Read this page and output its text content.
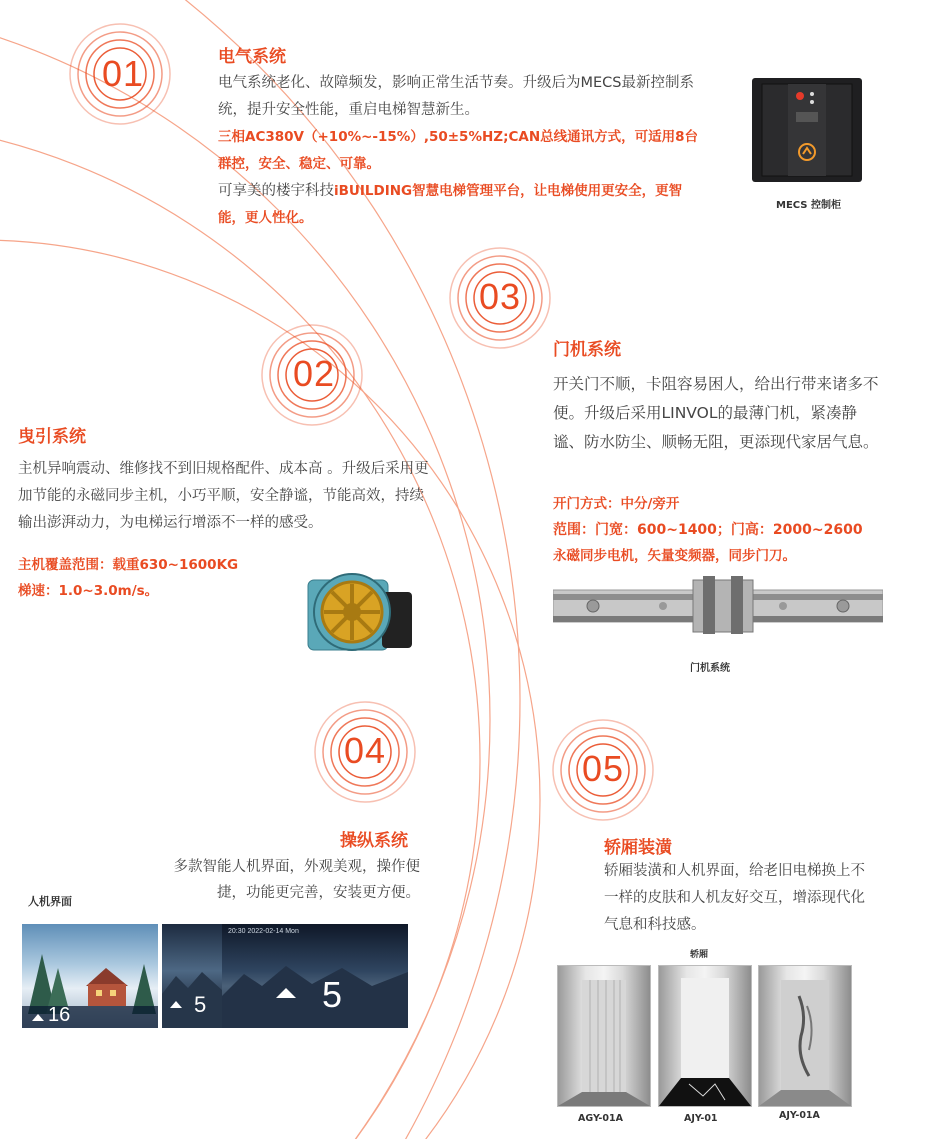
01	电气系统
电气系统老化、故障频发，影响正常生活节奏。升级后为MECS最新控制系统，提升安全性能，重启电梯智慧新生。
三相AC380V（+10%~-15%）,50±5%HZ;CAN总线通讯方式，可适用8台群控，安全、稳定、可靠。
可享美的楼宇科技iBUILDING智慧电梯管理平台，让电梯使用更安全，更智能，更人性化。
MECS 控制柜
03
门机系统
开关门不顺，卡阻容易困人，给出行带来诸多不便。升级后采用LINVOL的最薄门机，紧凑静谧、防水防尘、顺畅无阻，更添现代家居气息。
开门方式：中分/旁开
范围：门宽：600~1400；门高：2000~2600
永磁同步电机，矢量变频器，同步门刀。
门机系统
02
曳引系统
主机异响震动、维修找不到旧规格配件、成本高 。升级后采用更加节能的永磁同步主机，小巧平顺，安全静谧，节能高效，持续输出澎湃动力，为电梯运行增添不一样的感受。
主机覆盖范围：载重630~1600KG
梯速：1.0~3.0m/s。
04
操纵系统
多款智能人机界面，外观美观，操作便捷，功能更完善，安装更方便。
人机界面
16	5
20:30 2022-02-14 Mon
5
05
轿厢装潢
轿厢装潢和人机界面，给老旧电梯换上不一样的皮肤和人机友好交互，增添现代化气息和科技感。
轿厢
AGY-01A	AJY-01	AJY-01A
